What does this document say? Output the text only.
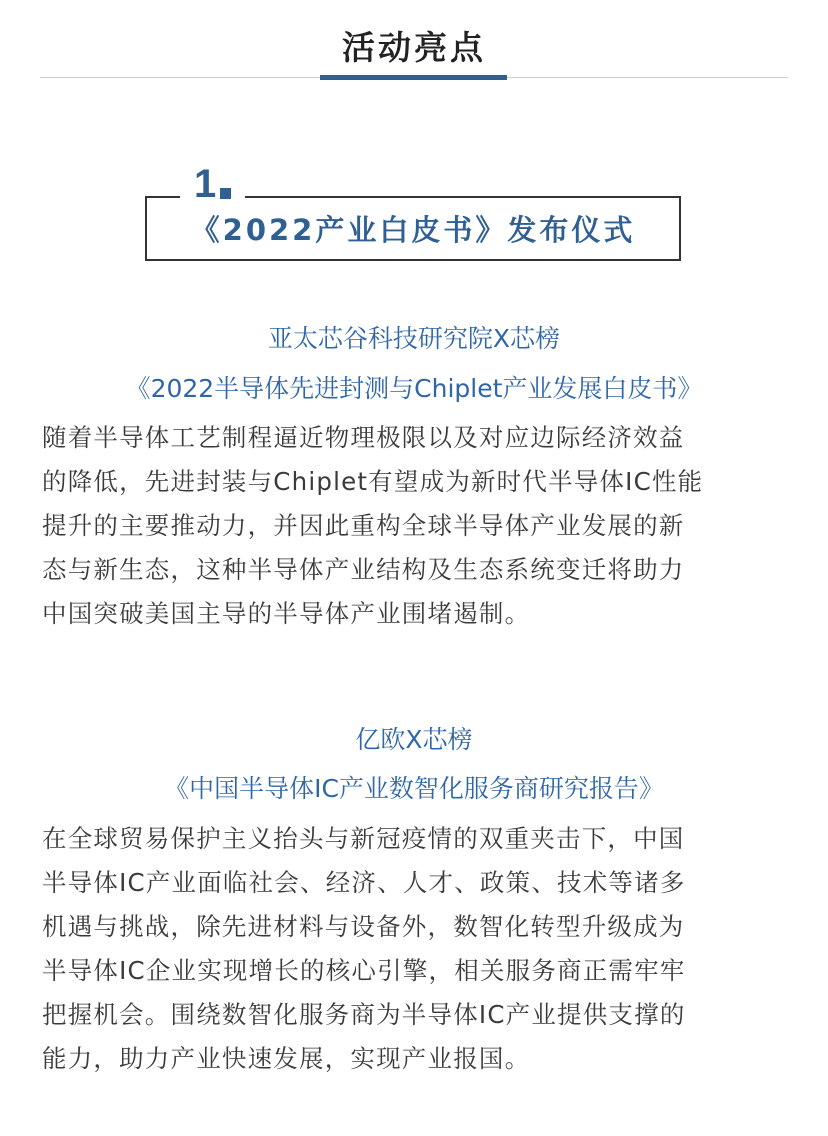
活动亮点
1
《2022产业白皮书》发布仪式
亚太芯谷科技研究院X芯榜
《2022半导体先进封测与Chiplet产业发展白皮书》
随着半导体工艺制程逼近物理极限以及对应边际经济效益
的降低，先进封装与Chiplet有望成为新时代半导体IC性能
提升的主要推动力，并因此重构全球半导体产业发展的新
态与新生态，这种半导体产业结构及生态系统变迁将助力
中国突破美国主导的半导体产业围堵遏制。
亿欧X芯榜
《中国半导体IC产业数智化服务商研究报告》
在全球贸易保护主义抬头与新冠疫情的双重夹击下，中国
半导体IC产业面临社会、经济、人才、政策、技术等诸多
机遇与挑战，除先进材料与设备外，数智化转型升级成为
半导体IC企业实现增长的核心引擎，相关服务商正需牢牢
把握机会。围绕数智化服务商为半导体IC产业提供支撑的
能力，助力产业快速发展，实现产业报国。
